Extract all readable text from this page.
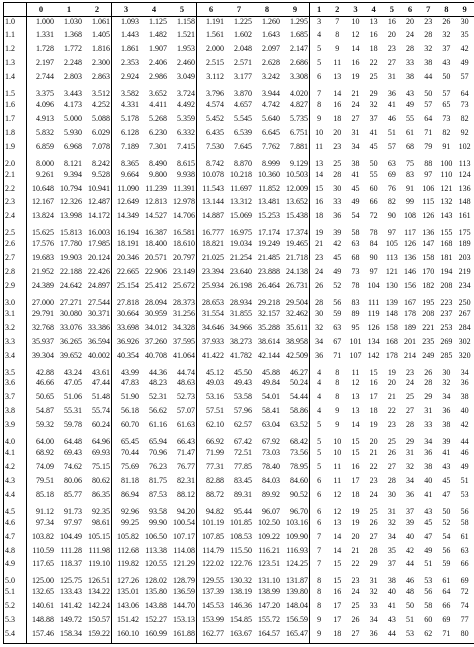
	0	1	2	3	4	5	6	7	8	9	1	2	3	4	5	6	7	8	9
1.0	1.000	1.030	1.061	1.093	1.125	1.158	1.191	1.225	1.260	1.295	3	7	10	13	16	20	23	26	30
1.1	1.331	1.368	1.405	1.443	1.482	1.521	1.561	1.602	1.643	1.685	4	8	12	16	20	24	28	32	35
1.2	1.728	1.772	1.816	1.861	1.907	1.953	2.000	2.048	2.097	2.147	5	9	14	18	23	28	32	37	42
1.3	2.197	2.248	2.300	2.353	2.406	2.460	2.515	2.571	2.628	2.686	5	11	16	22	27	33	38	43	49
1.4	2.744	2.803	2.863	2.924	2.986	3.049	3.112	3.177	3.242	3.308	6	13	19	25	31	38	44	50	57
1.5	3.375	3.443	3.512	3.582	3.652	3.724	3.796	3.870	3.944	4.020	7	14	21	29	36	43	50	57	64
1.6	4.096	4.173	4.252	4.331	4.411	4.492	4.574	4.657	4.742	4.827	8	16	24	32	41	49	57	65	73
1.7	4.913	5.000	5.088	5.178	5.268	5.359	5.452	5.545	5.640	5.735	9	18	27	37	46	55	64	73	82
1.8	5.832	5.930	6.029	6.128	6.230	6.332	6.435	6.539	6.645	6.751	10	20	31	41	51	61	71	82	92
1.9	6.859	6.968	7.078	7.189	7.301	7.415	7.530	7.645	7.762	7.881	11	23	34	45	57	68	79	91	102
2.0	8.000	8.121	8.242	8.365	8.490	8.615	8.742	8.870	8.999	9.129	13	25	38	50	63	75	88	100	113
2.1	9.261	9.394	9.528	9.664	9.800	9.938	10.078	10.218	10.360	10.503	14	28	41	55	69	83	97	110	124
2.2	10.648	10.794	10.941	11.090	11.239	11.391	11.543	11.697	11.852	12.009	15	30	45	60	76	91	106	121	136
2.3	12.167	12.326	12.487	12.649	12.813	12.978	13.144	13.312	13.481	13.652	16	33	49	66	82	99	115	132	148
2.4	13.824	13.998	14.172	14.349	14.527	14.706	14.887	15.069	15.253	15.438	18	36	54	72	90	108	126	143	161
2.5	15.625	15.813	16.003	16.194	16.387	16.581	16.777	16.975	17.174	17.374	19	39	58	78	97	117	136	155	175
2.6	17.576	17.780	17.985	18.191	18.400	18.610	18.821	19.034	19.249	19.465	21	42	63	84	105	126	147	168	189
2.7	19.683	19.903	20.124	20.346	20.571	20.797	21.025	21.254	21.485	21.718	23	45	68	90	113	136	158	181	203
2.8	21.952	22.188	22.426	22.665	22.906	23.149	23.394	23.640	23.888	24.138	24	49	73	97	121	146	170	194	219
2.9	24.389	24.642	24.897	25.154	25.412	25.672	25.934	26.198	26.464	26.731	26	52	78	104	130	156	182	208	234
3.0	27.000	27.271	27.544	27.818	28.094	28.373	28.653	28.934	29.218	29.504	28	56	83	111	139	167	195	223	250
3.1	29.791	30.080	30.371	30.664	30.959	31.256	31.554	31.855	32.157	32.462	30	59	89	119	148	178	208	237	267
3.2	32.768	33.076	33.386	33.698	34.012	34.328	34.646	34.966	35.288	35.611	32	63	95	126	158	189	221	253	284
3.3	35.937	36.265	36.594	36.926	37.260	37.595	37.933	38.273	38.614	38.958	34	67	101	134	168	201	235	269	302
3.4	39.304	39.652	40.002	40.354	40.708	41.064	41.422	41.782	42.144	42.509	36	71	107	142	178	214	249	285	320
3.5	42.88	43.24	43.61	43.99	44.36	44.74	45.12	45.50	45.88	46.27	4	8	11	15	19	23	26	30	34
3.6	46.66	47.05	47.44	47.83	48.23	48.63	49.03	49.43	49.84	50.24	4	8	12	16	20	24	28	32	36
3.7	50.65	51.06	51.48	51.90	52.31	52.73	53.16	53.58	54.01	54.44	4	8	13	17	21	25	29	34	38
3.8	54.87	55.31	55.74	56.18	56.62	57.07	57.51	57.96	58.41	58.86	4	9	13	18	22	27	31	36	40
3.9	59.32	59.78	60.24	60.70	61.16	61.63	62.10	62.57	63.04	63.52	5	9	14	19	23	28	33	38	42
4.0	64.00	64.48	64.96	65.45	65.94	66.43	66.92	67.42	67.92	68.42	5	10	15	20	25	29	34	39	44
4.1	68.92	69.43	69.93	70.44	70.96	71.47	71.99	72.51	73.03	73.56	5	10	15	21	26	31	36	41	46
4.2	74.09	74.62	75.15	75.69	76.23	76.77	77.31	77.85	78.40	78.95	5	11	16	22	27	32	38	43	49
4.3	79.51	80.06	80.62	81.18	81.75	82.31	82.88	83.45	84.03	84.60	6	11	17	23	28	34	40	45	51
4.4	85.18	85.77	86.35	86.94	87.53	88.12	88.72	89.31	89.92	90.52	6	12	18	24	30	36	41	47	53
4.5	91.12	91.73	92.35	92.96	93.58	94.20	94.82	95.44	96.07	96.70	6	12	19	25	31	37	43	50	56
4.6	97.34	97.97	98.61	99.25	99.90	100.54	101.19	101.85	102.50	103.16	6	13	19	26	32	39	45	52	58
4.7	103.82	104.49	105.15	105.82	106.50	107.17	107.85	108.53	109.22	109.90	7	14	20	27	34	40	47	54	61
4.8	110.59	111.28	111.98	112.68	113.38	114.08	114.79	115.50	116.21	116.93	7	14	21	28	35	42	49	56	63
4.9	117.65	118.37	119.10	119.82	120.55	121.29	122.02	122.76	123.51	124.25	7	15	22	29	37	44	51	59	66
5.0	125.00	125.75	126.51	127.26	128.02	128.79	129.55	130.32	131.10	131.87	8	15	23	31	38	46	53	61	69
5.1	132.65	133.43	134.22	135.01	135.80	136.59	137.39	138.19	138.99	139.80	8	16	24	32	40	48	56	64	72
5.2	140.61	141.42	142.24	143.06	143.88	144.70	145.53	146.36	147.20	148.04	8	17	25	33	41	50	58	66	74
5.3	148.88	149.72	150.57	151.42	152.27	153.13	153.99	154.85	155.72	156.59	9	17	26	34	43	51	60	69	77
5.4	157.46	158.34	159.22	160.10	160.99	161.88	162.77	163.67	164.57	165.47	9	18	27	36	44	53	62	71	80
